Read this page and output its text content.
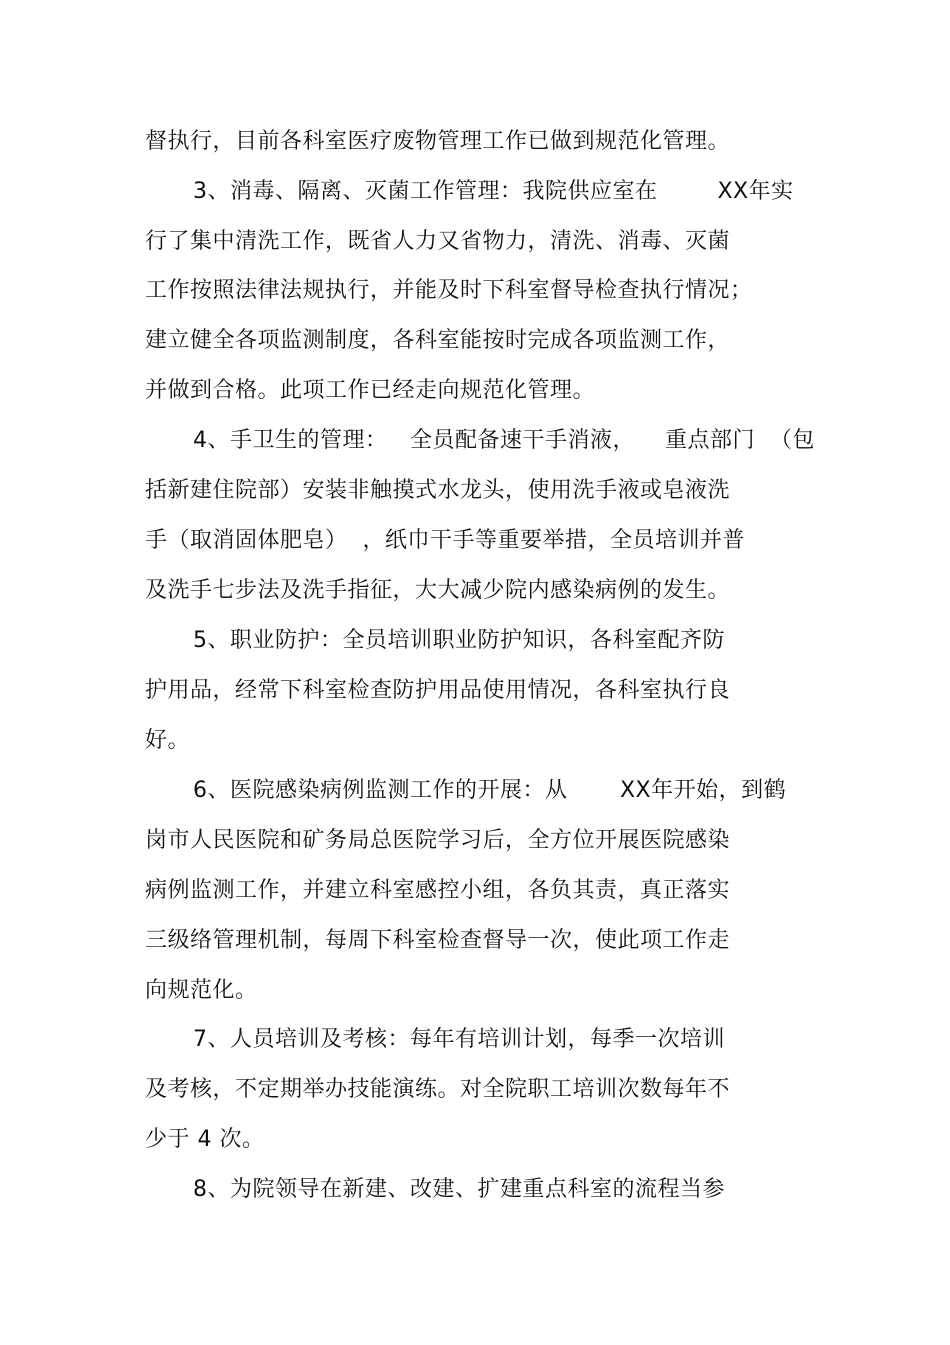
督执行，目前各科室医疗废物管理工作已做到规范化管理。
3、消毒、隔离、灭菌工作管理：我院供应室在        XX年实
行了集中清洗工作，既省人力又省物力，清洗、消毒、灭菌
工作按照法律法规执行，并能及时下科室督导检查执行情况；
建立健全各项监测制度，各科室能按时完成各项监测工作，
并做到合格。此项工作已经走向规范化管理。
4、手卫生的管理：   全员配备速干手消液，    重点部门  （包
括新建住院部）安装非触摸式水龙头，使用洗手液或皂液洗
手（取消固体肥皂）  ，纸巾干手等重要举措，全员培训并普
及洗手七步法及洗手指征，大大减少院内感染病例的发生。
5、职业防护：全员培训职业防护知识，各科室配齐防
护用品，经常下科室检查防护用品使用情况，各科室执行良
好。
6、医院感染病例监测工作的开展：从       XX年开始，到鹤
岗市人民医院和矿务局总医院学习后，全方位开展医院感染
病例监测工作，并建立科室感控小组，各负其责，真正落实
三级络管理机制，每周下科室检查督导一次，使此项工作走
向规范化。
7、人员培训及考核：每年有培训计划，每季一次培训
及考核，不定期举办技能演练。对全院职工培训次数每年不
少于 4 次。
8、为院领导在新建、改建、扩建重点科室的流程当参
